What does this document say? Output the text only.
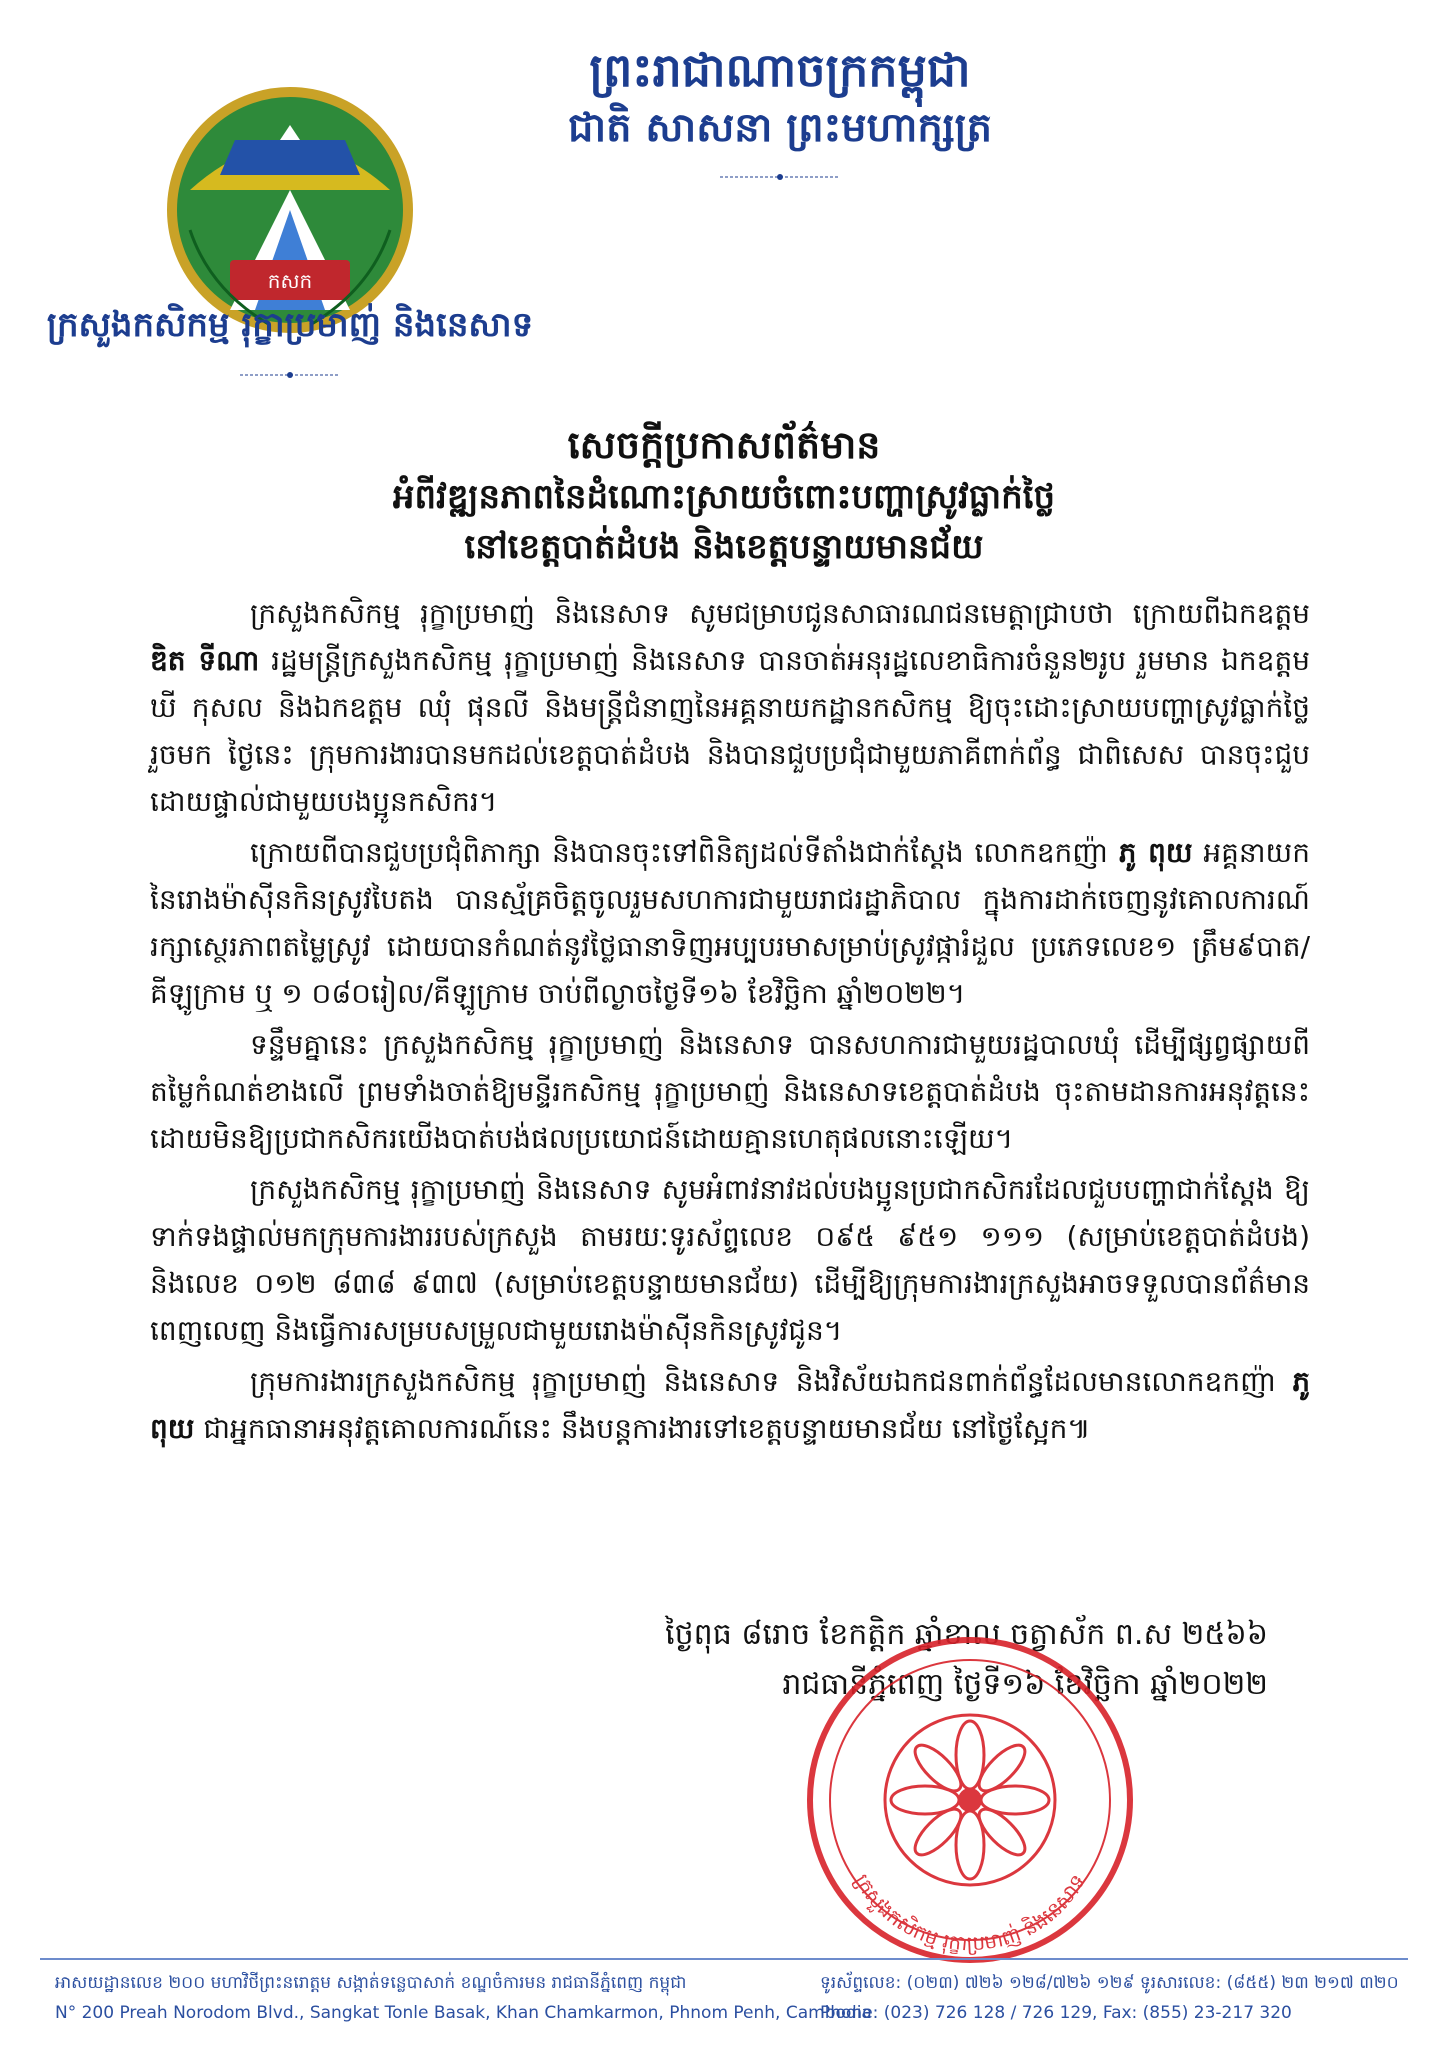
ព្រះរាជាណាចក្រកម្ពុជា
ជាតិ សាសនា ព្រះមហាក្សត្រ
កសក
ក្រសួងកសិកម្ម រុក្ខាប្រមាញ់ និងនេសាទ
សេចក្តីប្រកាសព័ត៌មាន
អំពីវឌ្ឍនភាពនៃដំណោះស្រាយចំពោះបញ្ហាស្រូវធ្លាក់ថ្លៃ
នៅខេត្តបាត់ដំបង និងខេត្តបន្ទាយមានជ័យ

ក្រសួងកសិកម្ម រុក្ខាប្រមាញ់ និងនេសាទ សូមជម្រាបជូនសាធារណជនមេត្តាជ្រាបថា ក្រោយពីឯកឧត្តម ឌិត ទីណា រដ្ឋមន្ត្រីក្រសួងកសិកម្ម រុក្ខាប្រមាញ់ និងនេសាទ បានចាត់អនុរដ្ឋលេខាធិការចំនួន២រូប រួមមាន ឯកឧត្តម ឃី កុសល និងឯកឧត្តម ឈុំ ផុនលី និងមន្ត្រីជំនាញនៃអគ្គនាយកដ្ឋានកសិកម្ម ឱ្យចុះដោះស្រាយបញ្ហាស្រូវធ្លាក់ថ្លៃរួចមក ថ្ងៃនេះ ក្រុមការងារបានមកដល់ខេត្តបាត់ដំបង និងបានជួបប្រជុំជាមួយភាគីពាក់ព័ន្ធ ជាពិសេស បានចុះជួបដោយផ្ទាល់ជាមួយបងប្អូនកសិករ។

ក្រោយពីបានជួបប្រជុំពិភាក្សា និងបានចុះទៅពិនិត្យដល់ទីតាំងជាក់ស្តែង លោកឧកញ៉ា ភូ ពុយ អគ្គនាយកនៃរោងម៉ាស៊ីនកិនស្រូវបៃតង បានស្ម័គ្រចិត្តចូលរួមសហការជាមួយរាជរដ្ឋាភិបាល ក្នុងការដាក់ចេញនូវគោលការណ៍រក្សាស្ថេរភាពតម្លៃស្រូវ ដោយបានកំណត់នូវថ្លៃធានាទិញអប្បបរមាសម្រាប់ស្រូវផ្ការំដួល ប្រភេទលេខ១ ត្រឹម៩បាត/គីឡូក្រាម ឬ ១ ០៨០រៀល/គីឡូក្រាម ចាប់ពីល្ងាចថ្ងៃទី១៦ ខែវិច្ឆិកា ឆ្នាំ២០២២។

ទន្ទឹមគ្នានេះ ក្រសួងកសិកម្ម រុក្ខាប្រមាញ់ និងនេសាទ បានសហការជាមួយរដ្ឋបាលឃុំ ដើម្បីផ្សព្វផ្សាយពីតម្លៃកំណត់ខាងលើ ព្រមទាំងចាត់ឱ្យមន្ទីរកសិកម្ម រុក្ខាប្រមាញ់ និងនេសាទខេត្តបាត់ដំបង ចុះតាមដានការអនុវត្តនេះ ដោយមិនឱ្យប្រជាកសិករយើងបាត់បង់ផលប្រយោជន៍ដោយគ្មានហេតុផលនោះឡើយ។

ក្រសួងកសិកម្ម រុក្ខាប្រមាញ់ និងនេសាទ សូមអំពាវនាវដល់បងប្អូនប្រជាកសិករដែលជួបបញ្ហាជាក់ស្តែង ឱ្យទាក់ទងផ្ទាល់មកក្រុមការងាររបស់ក្រសួង តាមរយៈទូរស័ព្ទលេខ ០៩៥ ៩៥១ ១១១ (សម្រាប់ខេត្តបាត់ដំបង) និងលេខ ០១២ ៨៣៨ ៩៣៧ (សម្រាប់ខេត្តបន្ទាយមានជ័យ) ដើម្បីឱ្យក្រុមការងារក្រសួងអាចទទួលបានព័ត៌មានពេញលេញ និងធ្វើការសម្របសម្រួលជាមួយរោងម៉ាស៊ីនកិនស្រូវជូន។

ក្រុមការងារក្រសួងកសិកម្ម រុក្ខាប្រមាញ់ និងនេសាទ និងវិស័យឯកជនពាក់ព័ន្ធដែលមានលោកឧកញ៉ា ភូ ពុយ ជាអ្នកធានាអនុវត្តគោលការណ៍នេះ នឹងបន្តការងារទៅខេត្តបន្ទាយមានជ័យ នៅថ្ងៃស្អែក៕

ថ្ងៃពុធ ៨រោច ខែកត្តិក ឆ្នាំខាល ចត្វាស័ក ព.ស ២៥៦៦
រាជធានីភ្នំពេញ ថ្ងៃទី១៦ ខែវិច្ឆិកា ឆ្នាំ២០២២
ក្រសួងកសិកម្ម រុក្ខាប្រមាញ់ និងនេសាទ
អាសយដ្ឋានលេខ ២០០ មហាវិថីព្រះនរោត្តម សង្កាត់ទន្លេបាសាក់ ខណ្ឌចំការមន រាជធានីភ្នំពេញ កម្ពុជា
N° 200 Preah Norodom Blvd., Sangkat Tonle Basak, Khan Chamkarmon, Phnom Penh, Cambodia
ទូរស័ព្ទលេខ: (០២៣) ៧២៦ ១២៨/៧២៦ ១២៩ ទូរសារលេខ: (៨៥៥) ២៣ ២១៧ ៣២០
Phone: (023) 726 128 / 726 129, Fax: (855) 23-217 320
